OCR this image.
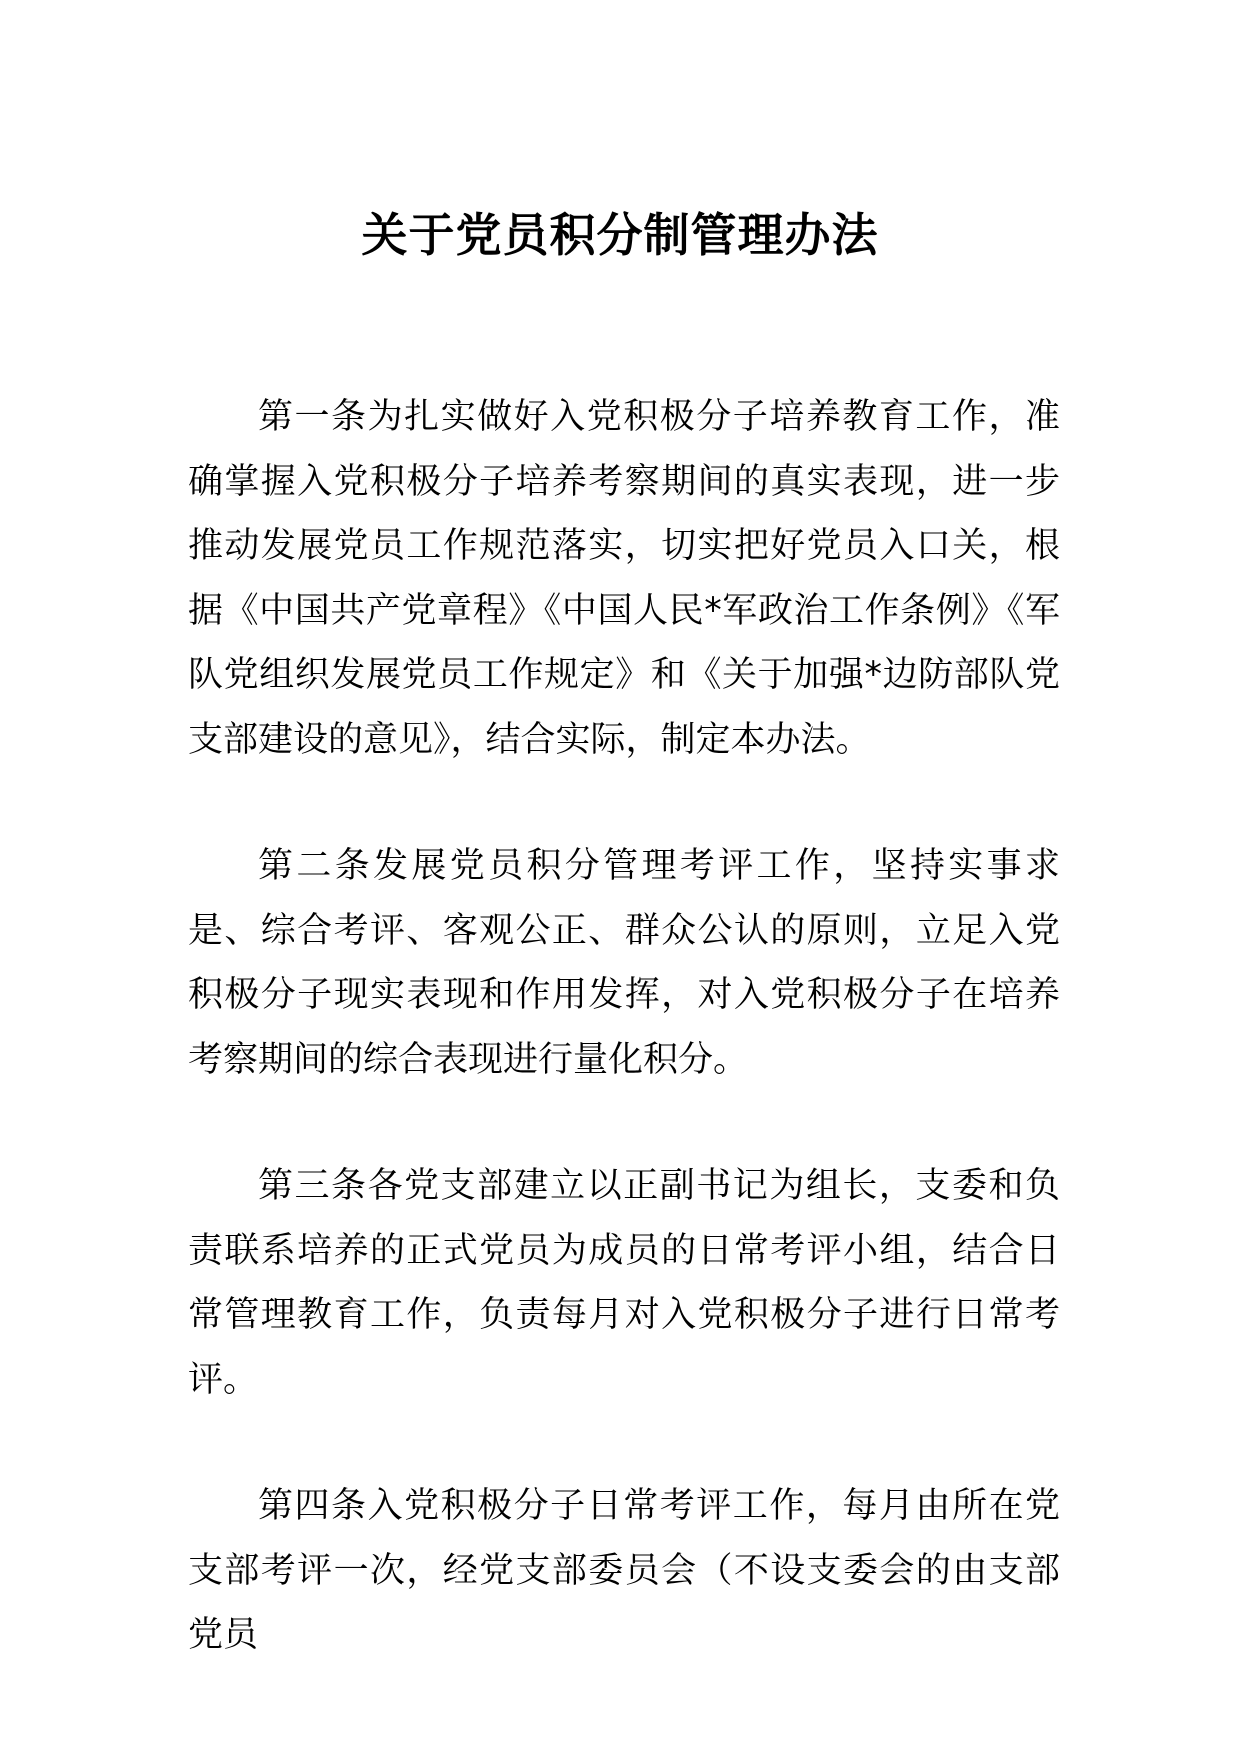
关于党员积分制管理办法

第一条为扎实做好入党积极分子培养教育工作，准确掌握入党积极分子培养考察期间的真实表现，进一步推动发展党员工作规范落实，切实把好党员入口关，根据《中国共产党章程》《中国人民*军政治工作条例》《军队党组织发展党员工作规定》和《关于加强*边防部队党支部建设的意见》，结合实际，制定本办法。

第二条发展党员积分管理考评工作，坚持实事求是、综合考评、客观公正、群众公认的原则，立足入党积极分子现实表现和作用发挥，对入党积极分子在培养考察期间的综合表现进行量化积分。

第三条各党支部建立以正副书记为组长，支委和负责联系培养的正式党员为成员的日常考评小组，结合日常管理教育工作，负责每月对入党积极分子进行日常考评。

第四条入党积极分子日常考评工作，每月由所在党支部考评一次，经党支部委员会（不设支委会的由支部党员
